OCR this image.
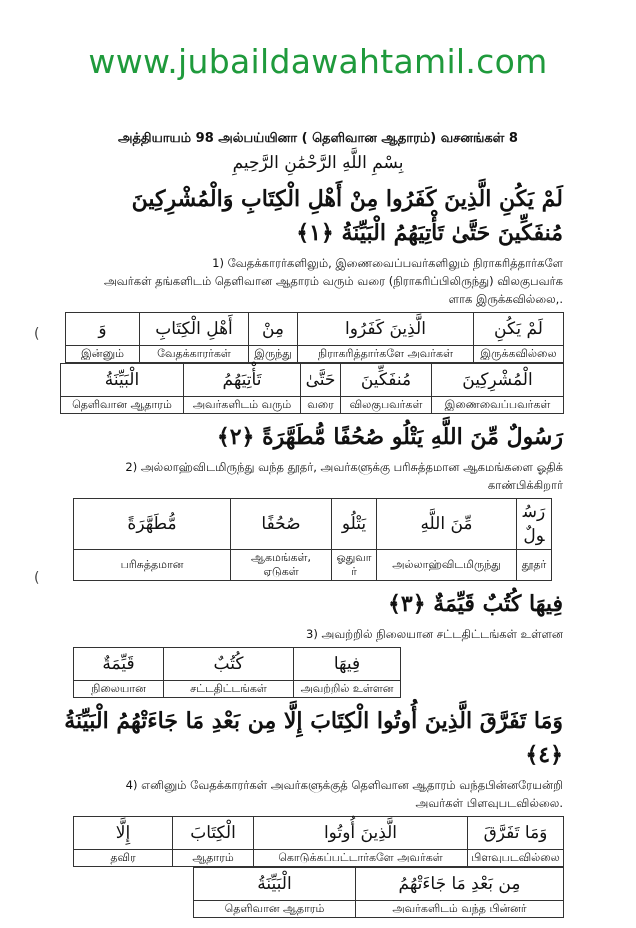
www.jubaildawahtamil.com
அத்தியாயம் 98 அல்பய்யினா ( தெளிவான ஆதாரம்) வசனங்கள் 8
بِسْمِ اللَّهِ الرَّحْمَٰنِ الرَّحِيمِ
لَمْ يَكُنِ الَّذِينَ كَفَرُوا مِنْ أَهْلِ الْكِتَابِ وَالْمُشْرِكِينَ مُنفَكِّينَ حَتَّىٰ تَأْتِيَهُمُ الْبَيِّنَةُ ﴿١﴾
1) வேதக்காரர்களிலும், இணைவைப்பவர்களிலும் நிராகரித்தார்களே
அவர்கள் தங்களிடம் தெளிவான ஆதாரம் வரும் வரை (நிராகரிப்பிலிருந்து) விலகுபவர்க
ளாக இருக்கவில்லை,.
لَمْ يَكُنِ	الَّذِينَ كَفَرُوا	مِنْ	أَهْلِ الْكِتَابِ	وَ
இருக்கவில்லை	நிராகரித்தார்களே அவர்கள்	இருந்து	வேதக்காரர்கள்	இன்னும்
الْمُشْرِكِينَ	مُنفَكِّينَ	حَتَّىٰ	تَأْتِيَهُمُ	الْبَيِّنَةُ
இணைவைப்பவர்கள்	விலகுபவர்கள்	வரை	அவர்களிடம் வரும்	தெளிவான ஆதாரம்
رَسُولٌ مِّنَ اللَّهِ يَتْلُو صُحُفًا مُّطَهَّرَةً ﴿٢﴾
2) அல்லாஹ்விடமிருந்து வந்த தூதர், அவர்களுக்கு பரிசுத்தமான ஆகமங்களை ஓதிக்
காண்பிக்கிறார்
رَسُولٌ	مِّنَ اللَّهِ	يَتْلُو	صُحُفًا	مُّطَهَّرَةً
தூதர்	அல்லாஹ்விடமிருந்து	ஓதுவார்	ஆகமங்கள், ஏடுகள்	பரிசுத்தமான
فِيهَا كُتُبٌ قَيِّمَةٌ ﴿٣﴾
3) அவற்றில் நிலையான சட்டதிட்டங்கள் உள்ளன
فِيهَا	كُتُبٌ	قَيِّمَةٌ
அவற்றில் உள்ளன	சட்டதிட்டங்கள்	நிலையான
وَمَا تَفَرَّقَ الَّذِينَ أُوتُوا الْكِتَابَ إِلَّا مِن بَعْدِ مَا جَاءَتْهُمُ الْبَيِّنَةُ ﴿٤﴾
4) எனினும் வேதக்காரர்கள் அவர்களுக்குத் தெளிவான ஆதாரம் வந்தபின்னரேயன்றி
அவர்கள் பிளவுபடவில்லை.
وَمَا تَفَرَّقَ	الَّذِينَ أُوتُوا	الْكِتَابَ	إِلَّا
பிளவுபடவில்லை	கொடுக்கப்பட்டார்களே அவர்கள்	ஆதாரம்	தவிர
مِن بَعْدِ مَا جَاءَتْهُمُ	الْبَيِّنَةُ
அவர்களிடம் வந்த பின்னர்	தெளிவான ஆதாரம்
(
(
